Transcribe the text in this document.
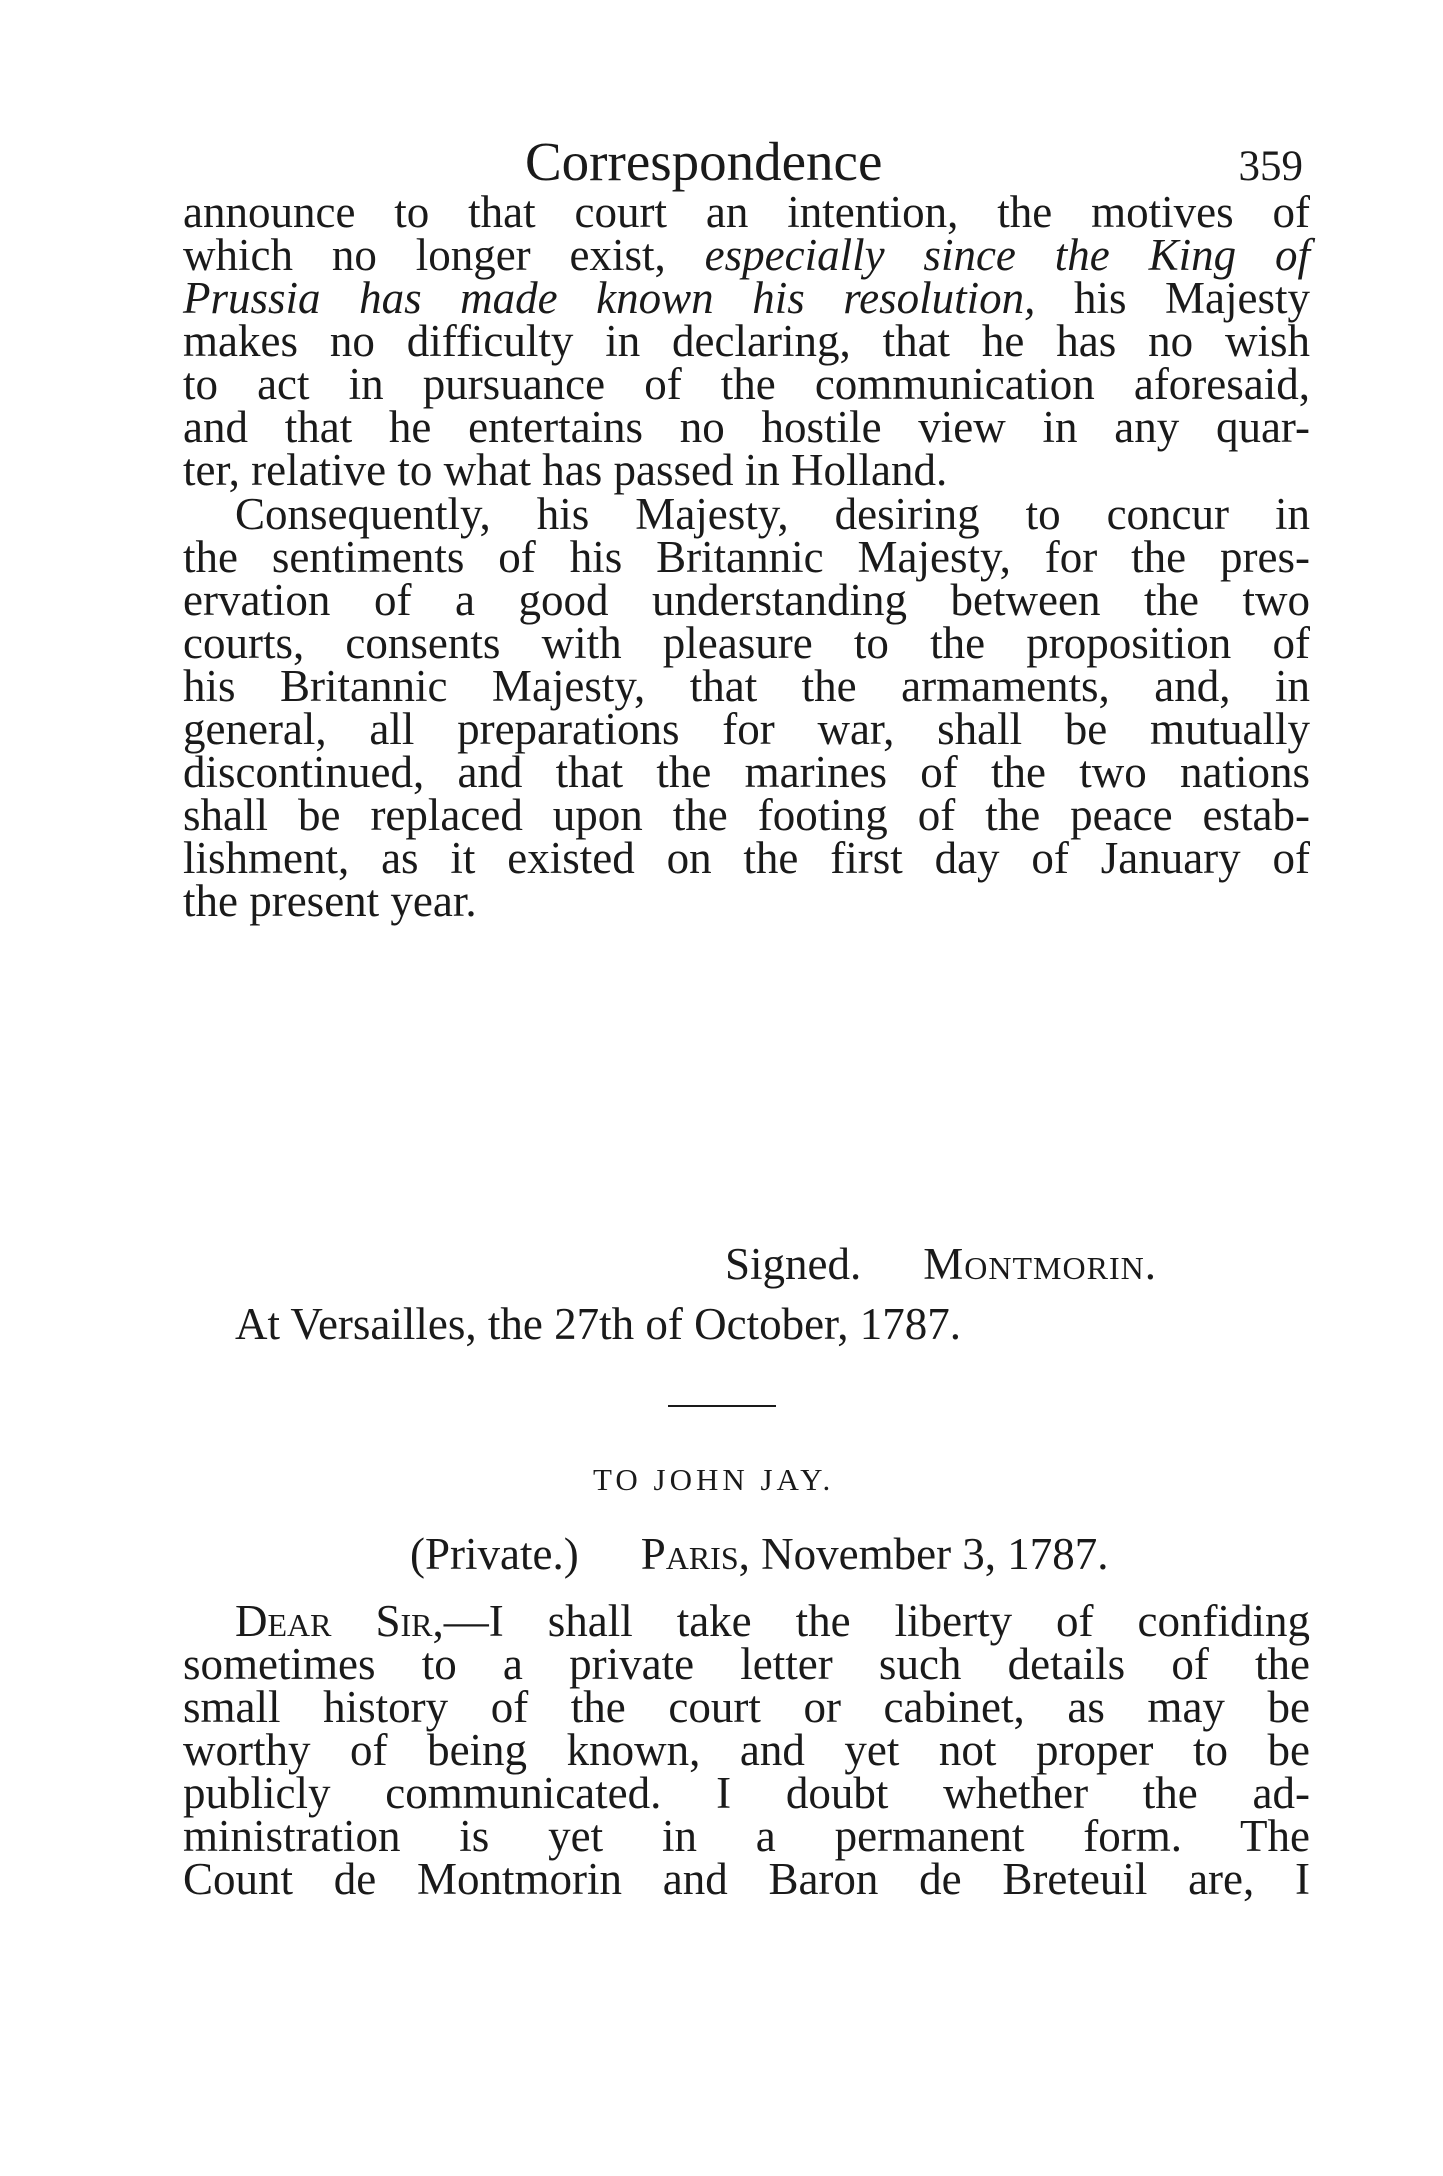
Correspondence	359
announce to that court an intention, the motives of
which no longer exist, especially since the King of
Prussia has made known his resolution, his Majesty
makes no difficulty in declaring, that he has no wish
to act in pursuance of the communication aforesaid,
and that he entertains no hostile view in any quar-
ter, relative to what has passed in Holland.
Consequently, his Majesty, desiring to concur in
the sentiments of his Britannic Majesty, for the pres-
ervation of a good understanding between the two
courts, consents with pleasure to the proposition of
his Britannic Majesty, that the armaments, and, in
general, all preparations for war, shall be mutually
discontinued, and that the marines of the two nations
shall be replaced upon the footing of the peace estab-
lishment, as it existed on the first day of January of
the present year.
Signed. Montmorin.
At Versailles, the 27th of October, 1787.
TO JOHN JAY.
(Private.) Paris, November 3, 1787.
Dear Sir,—I shall take the liberty of confiding
sometimes to a private letter such details of the
small history of the court or cabinet, as may be
worthy of being known, and yet not proper to be
publicly communicated. I doubt whether the ad-
ministration is yet in a permanent form. The
Count de Montmorin and Baron de Breteuil are, I
